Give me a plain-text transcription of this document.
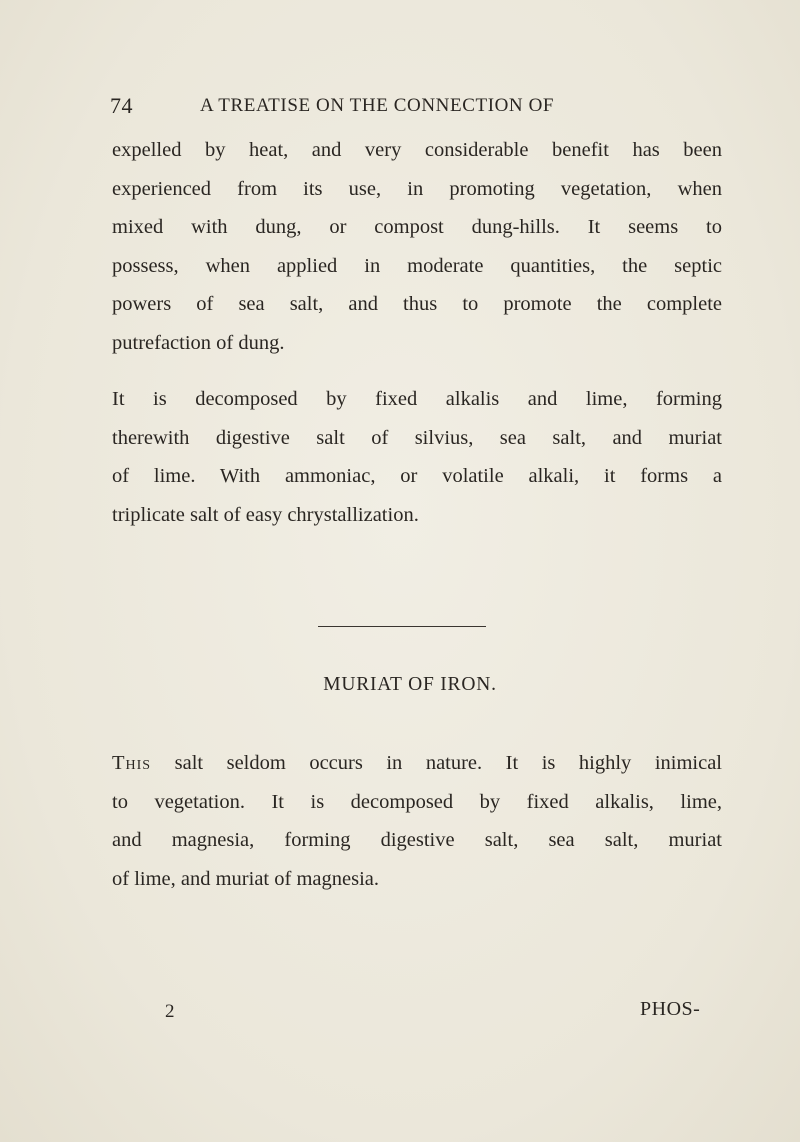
74	A TREATISE ON THE CONNECTION OF
expelled by heat, and very considerable benefit has been
experienced from its use, in promoting vegetation, when
mixed with dung, or compost dung-hills. It seems to
possess, when applied in moderate quantities, the septic
powers of sea salt, and thus to promote the complete
putrefaction of dung.
It is decomposed by fixed alkalis and lime, forming
therewith digestive salt of silvius, sea salt, and muriat
of lime. With ammoniac, or volatile alkali, it forms a
triplicate salt of easy chrystallization.
MURIAT OF IRON.
This salt seldom occurs in nature. It is highly inimical
to vegetation. It is decomposed by fixed alkalis, lime,
and magnesia, forming digestive salt, sea salt, muriat
of lime, and muriat of magnesia.
2	PHOS-
